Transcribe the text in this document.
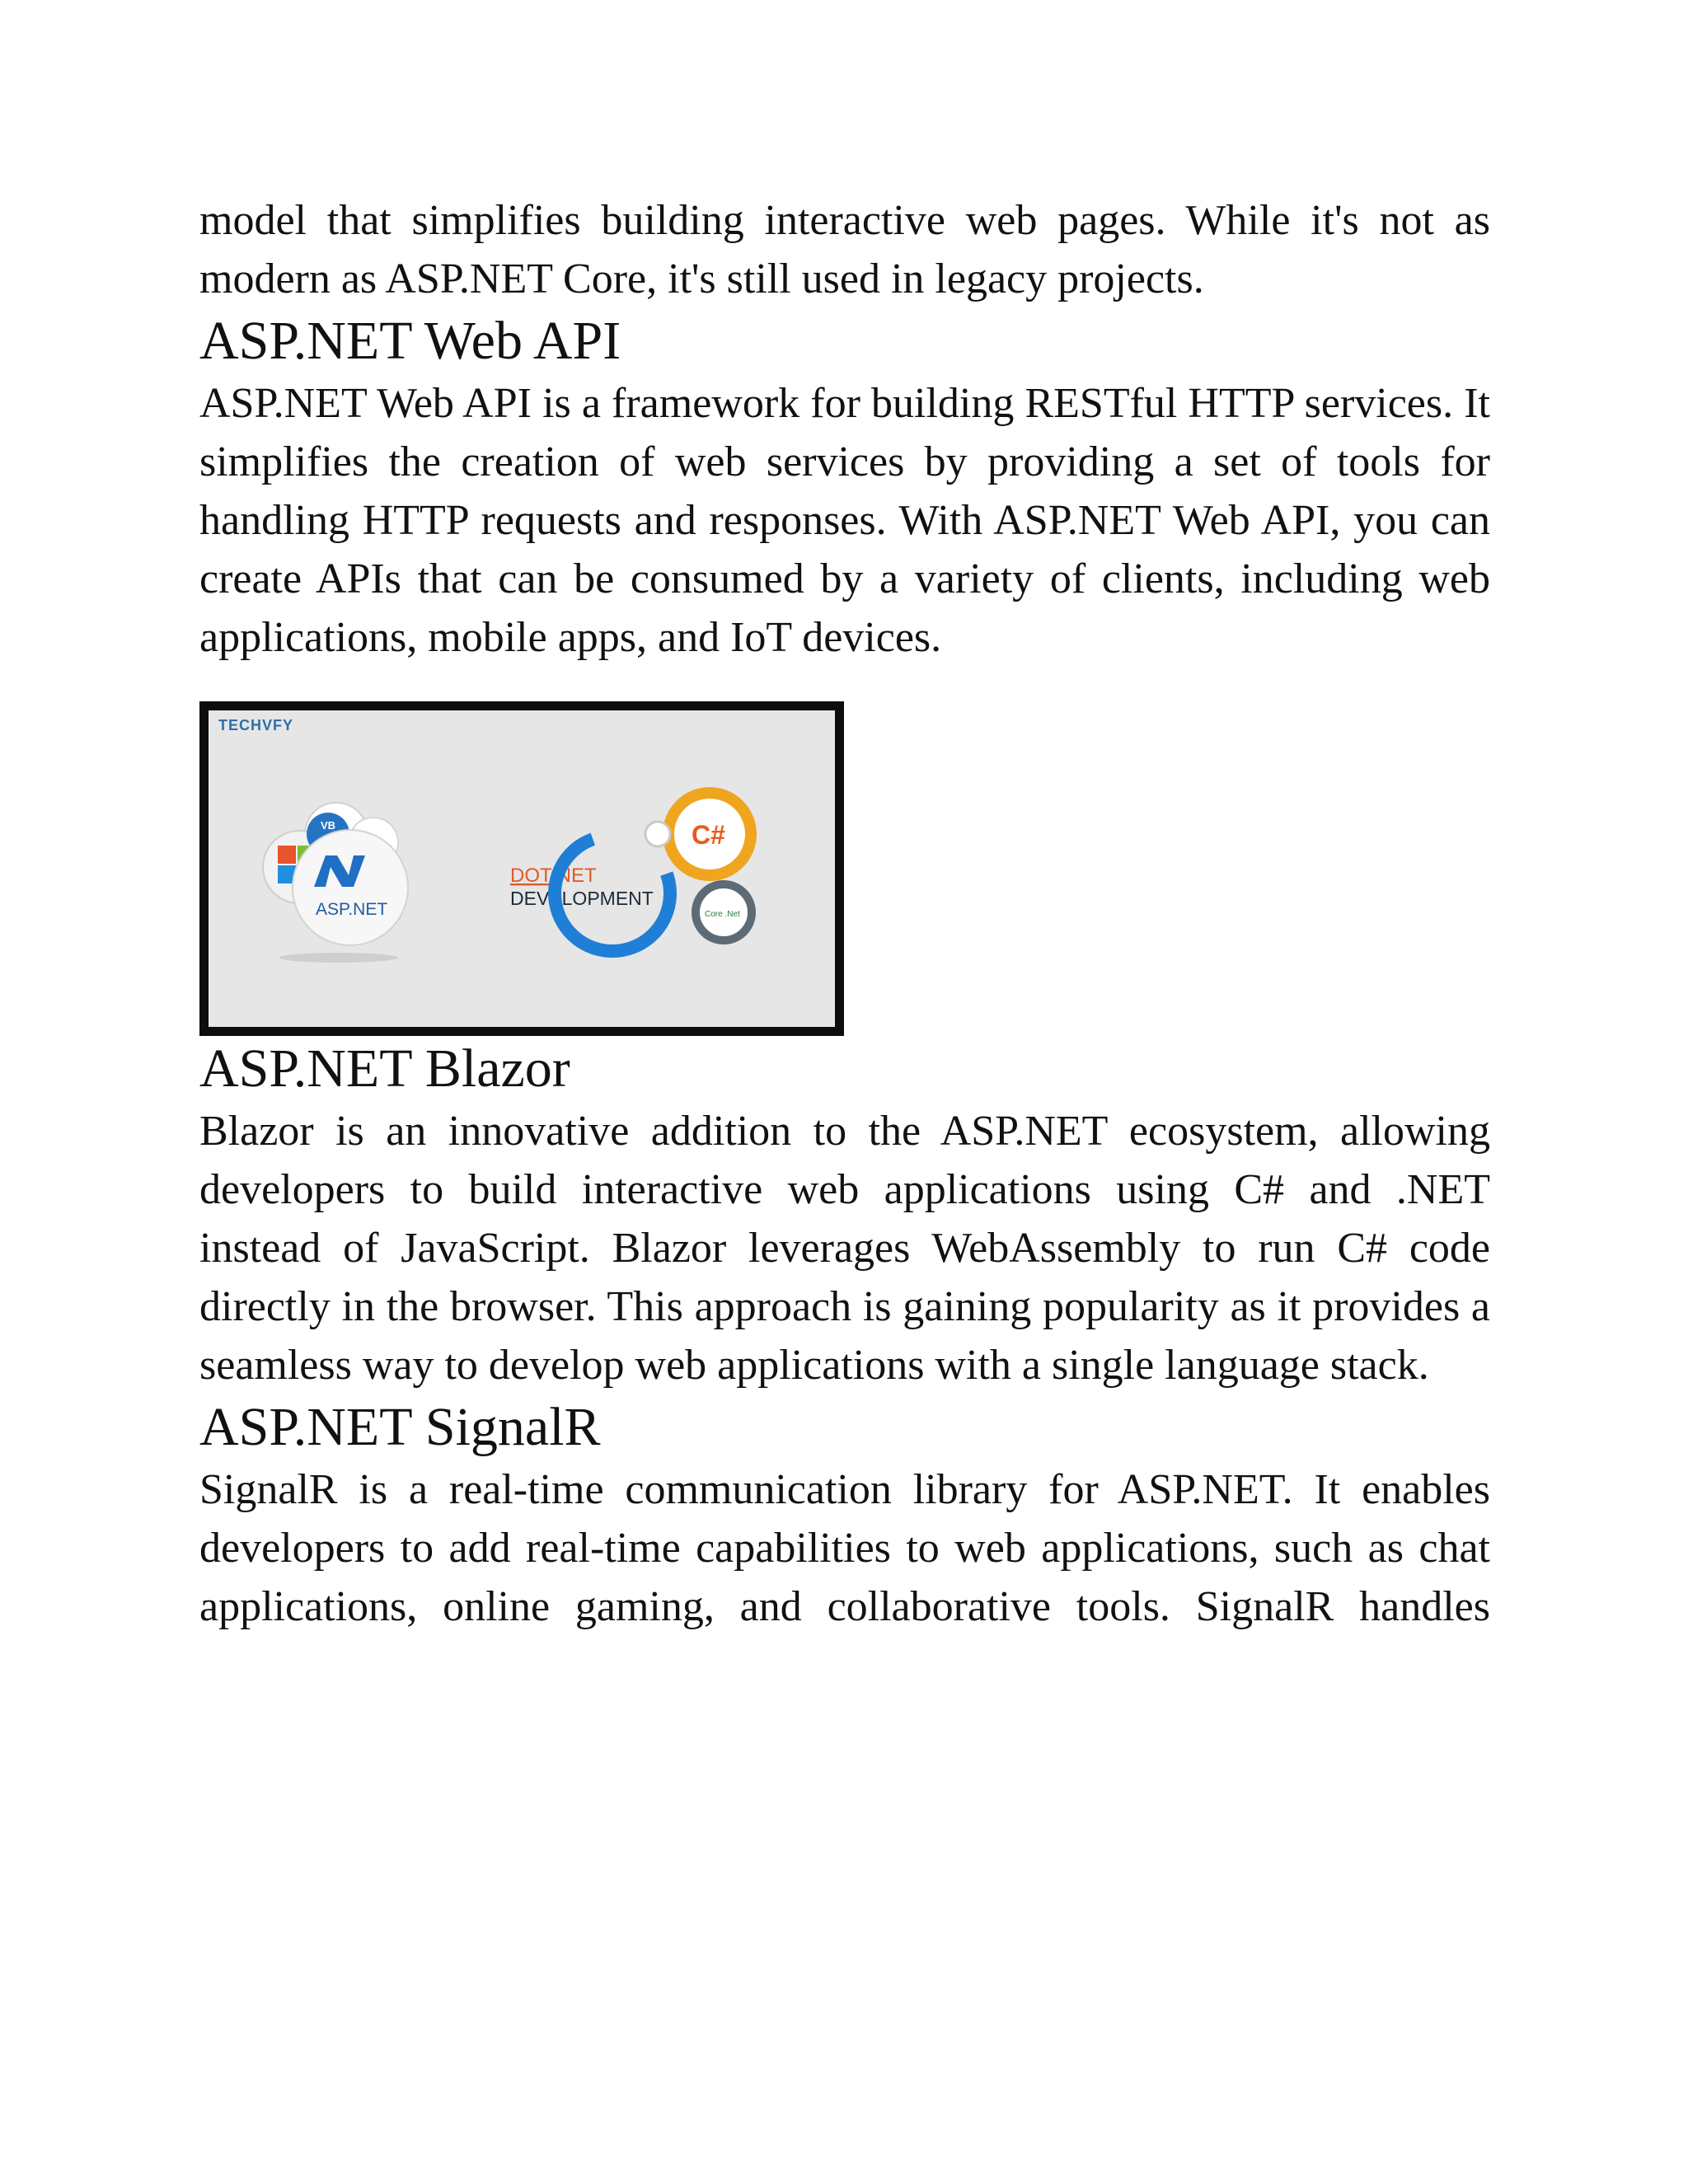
model that simplifies building interactive web pages. While it's not as modern as ASP.NET Core, it's still used in legacy projects.

ASP.NET Web API

ASP.NET Web API is a framework for building RESTful HTTP services. It simplifies the creation of web services by providing a set of tools for handling HTTP requests and responses. With ASP.NET Web API, you can create APIs that can be consumed by a variety of clients, including web applications, mobile apps, and IoT devices.

TECHVFY
VB
ASP.NET
DOT .NET
DEVELOPMENT
C#
Core .Net
ASP.NET Blazor

Blazor is an innovative addition to the ASP.NET ecosystem, allowing developers to build interactive web applications using C# and .NET instead of JavaScript. Blazor leverages WebAssembly to run C# code directly in the browser. This approach is gaining popularity as it provides a seamless way to develop web applications with a single language stack.

ASP.NET SignalR

SignalR is a real-time communication library for ASP.NET. It enables developers to add real-time capabilities to web applications, such as chat applications, online gaming, and collaborative tools. SignalR handles
